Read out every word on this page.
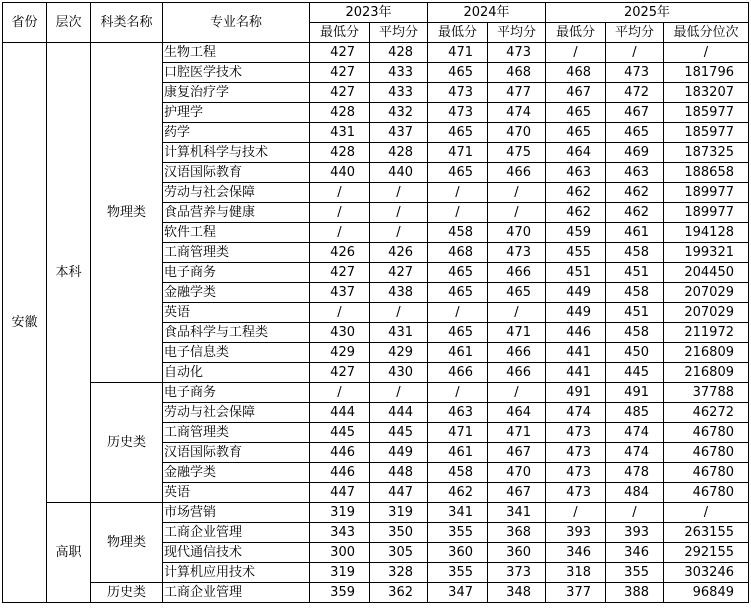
省份	层次	科类名称	专业名称	2023年		2024年		2025年		
				最低分	平均分	最低分	平均分	最低分	平均分	最低分位次
安徽	本科	物理类	生物工程	427	428	471	473	/	/	/
			口腔医学技术	427	433	465	468	468	473	181796
			康复治疗学	427	433	473	477	467	472	183207
			护理学	428	432	473	474	465	467	185977
			药学	431	437	465	470	465	465	185977
			计算机科学与技术	428	428	471	475	464	469	187325
			汉语国际教育	440	440	465	466	463	463	188658
			劳动与社会保障	/	/	/	/	462	462	189977
			食品营养与健康	/	/	/	/	462	462	189977
			软件工程	/	/	458	470	459	461	194128
			工商管理类	426	426	468	473	455	458	199321
			电子商务	427	427	465	466	451	451	204450
			金融学类	437	438	465	465	449	458	207029
			英语	/	/	/	/	449	451	207029
			食品科学与工程类	430	431	465	471	446	458	211972
			电子信息类	429	429	461	466	441	450	216809
			自动化	427	430	466	466	441	445	216809
		历史类	电子商务	/	/	/	/	491	491	37788
			劳动与社会保障	444	444	463	464	474	485	46272
			工商管理类	445	445	471	471	473	474	46780
			汉语国际教育	446	449	461	467	473	474	46780
			金融学类	446	448	458	470	473	478	46780
			英语	447	447	462	467	473	484	46780
	高职	物理类	市场营销	319	319	341	341	/	/	/
			工商企业管理	343	350	355	368	393	393	263155
			现代通信技术	300	305	360	360	346	346	292155
			计算机应用技术	319	328	355	373	318	355	303246
		历史类	工商企业管理	359	362	347	348	377	388	96849
